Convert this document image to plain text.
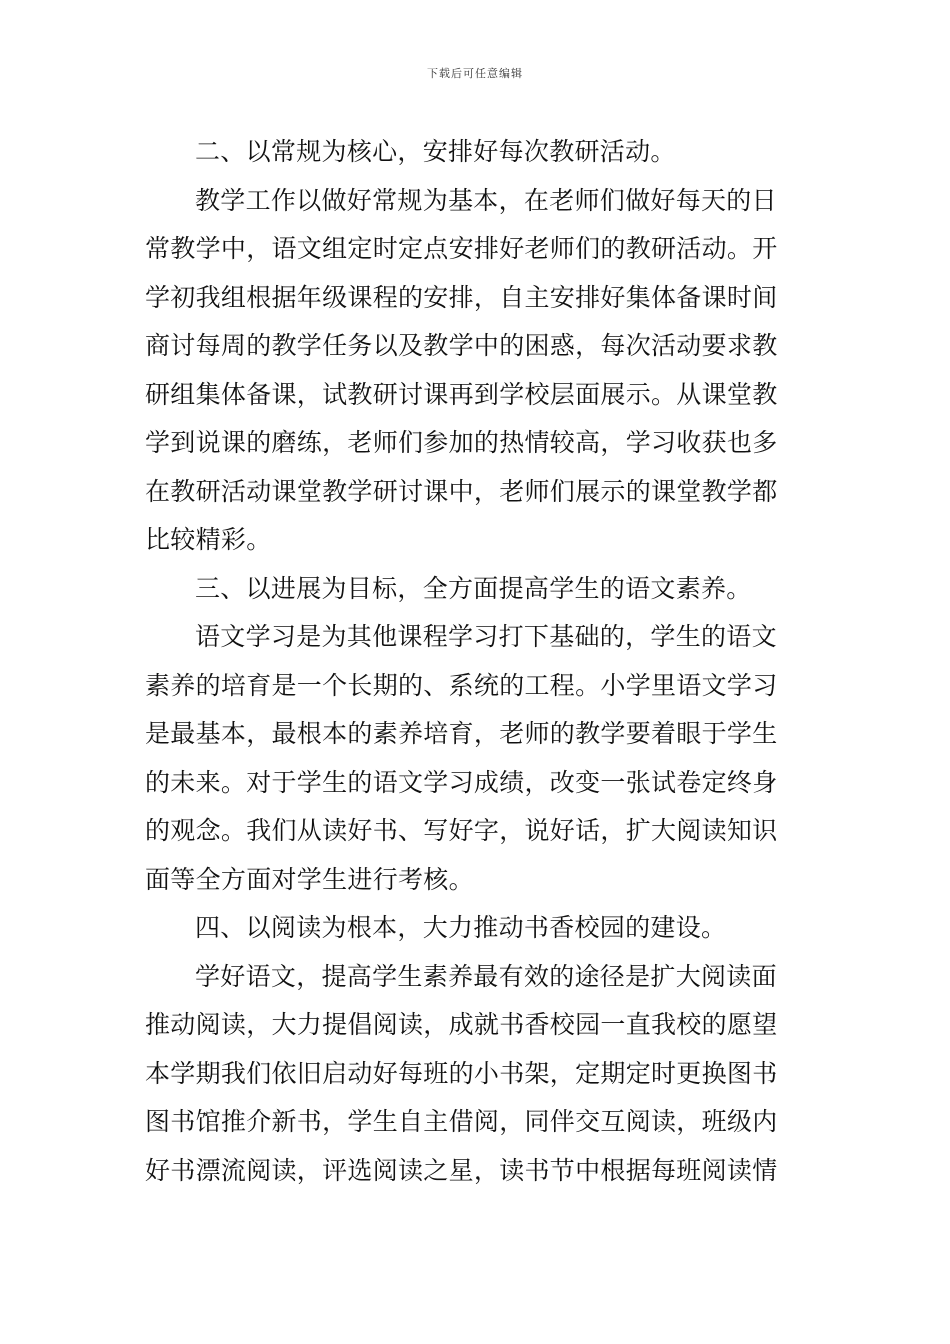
下载后可任意编辑
二、以常规为核心，安排好每次教研活动。
教学工作以做好常规为基本，在老师们做好每天的日
常教学中，语文组定时定点安排好老师们的教研活动。开
学初我组根据年级课程的安排，自主安排好集体备课时间
商讨每周的教学任务以及教学中的困惑，每次活动要求教
研组集体备课，试教研讨课再到学校层面展示。从课堂教
学到说课的磨练，老师们参加的热情较高，学习收获也多
在教研活动课堂教学研讨课中，老师们展示的课堂教学都
比较精彩。
三、以进展为目标，全方面提高学生的语文素养。
语文学习是为其他课程学习打下基础的，学生的语文
素养的培育是一个长期的、系统的工程。小学里语文学习
是最基本，最根本的素养培育，老师的教学要着眼于学生
的未来。对于学生的语文学习成绩，改变一张试卷定终身
的观念。我们从读好书、写好字，说好话，扩大阅读知识
面等全方面对学生进行考核。
四、以阅读为根本，大力推动书香校园的建设。
学好语文，提高学生素养最有效的途径是扩大阅读面
推动阅读，大力提倡阅读，成就书香校园一直我校的愿望
本学期我们依旧启动好每班的小书架，定期定时更换图书
图书馆推介新书，学生自主借阅，同伴交互阅读，班级内
好书漂流阅读，评选阅读之星，读书节中根据每班阅读情
